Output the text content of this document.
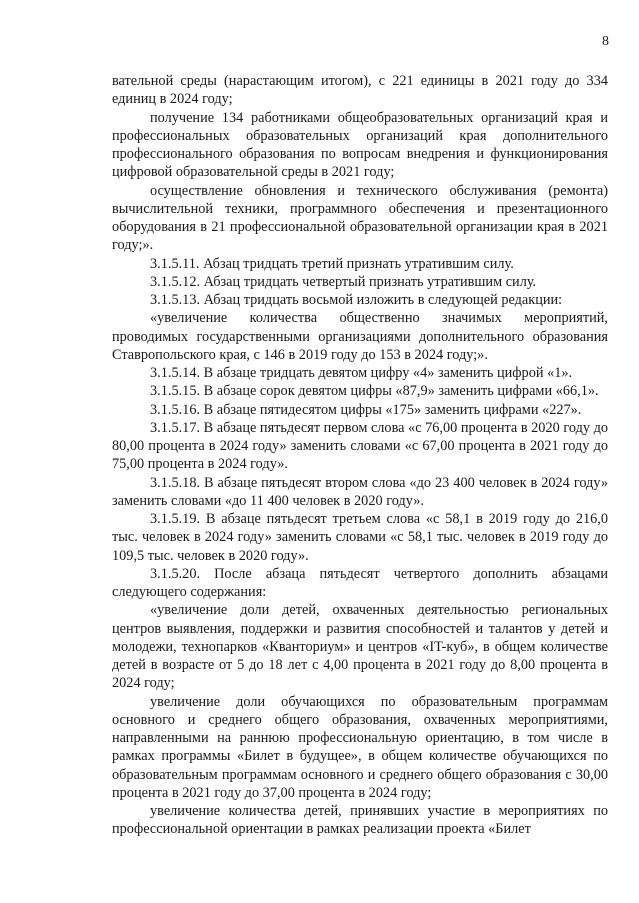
8

вательной среды (нарастающим итогом), с 221 единицы в 2021 году до 334 единиц в 2024 году;

получение 134 работниками общеобразовательных организаций края и профессиональных образовательных организаций края дополнительного профессионального образования по вопросам внедрения и функционирования цифровой образовательной среды в 2021 году;

осуществление обновления и технического обслуживания (ремонта) вычислительной техники, программного обеспечения и презентационного оборудования в 21 профессиональной образовательной организации края в 2021 году;».

3.1.5.11. Абзац тридцать третий признать утратившим силу.

3.1.5.12. Абзац тридцать четвертый признать утратившим силу.

3.1.5.13. Абзац тридцать восьмой изложить в следующей редакции:

«увеличение количества общественно значимых мероприятий, проводимых государственными организациями дополнительного образования Ставропольского края, с 146 в 2019 году до 153 в 2024 году;».

3.1.5.14. В абзаце тридцать девятом цифру «4» заменить цифрой «1».

3.1.5.15. В абзаце сорок девятом цифры «87,9» заменить цифрами «66,1».

3.1.5.16. В абзаце пятидесятом цифры «175» заменить цифрами «227».

3.1.5.17. В абзаце пятьдесят первом слова «с 76,00 процента в 2020 году до 80,00 процента в 2024 году» заменить словами «с 67,00 процента в 2021 году до 75,00 процента в 2024 году».

3.1.5.18. В абзаце пятьдесят втором слова «до 23 400 человек в 2024 году» заменить словами «до 11 400 человек в 2020 году».

3.1.5.19. В абзаце пятьдесят третьем слова «с 58,1 в 2019 году до 216,0 тыс. человек в 2024 году» заменить словами «с 58,1 тыс. человек в 2019 году до 109,5 тыс. человек в 2020 году».

3.1.5.20. После абзаца пятьдесят четвертого дополнить абзацами следующего содержания:

«увеличение доли детей, охваченных деятельностью региональных центров выявления, поддержки и развития способностей и талантов у детей и молодежи, технопарков «Кванториум» и центров «IT-куб», в общем количестве детей в возрасте от 5 до 18 лет с 4,00 процента в 2021 году до 8,00 процента в 2024 году;

увеличение доли обучающихся по образовательным программам основного и среднего общего образования, охваченных мероприятиями, направленными на раннюю профессиональную ориентацию, в том числе в рамках программы «Билет в будущее», в общем количестве обучающихся по образовательным программам основного и среднего общего образования с 30,00 процента в 2021 году до 37,00 процента в 2024 году;

увеличение количества детей, принявших участие в мероприятиях по профессиональной ориентации в рамках реализации проекта «Билет
